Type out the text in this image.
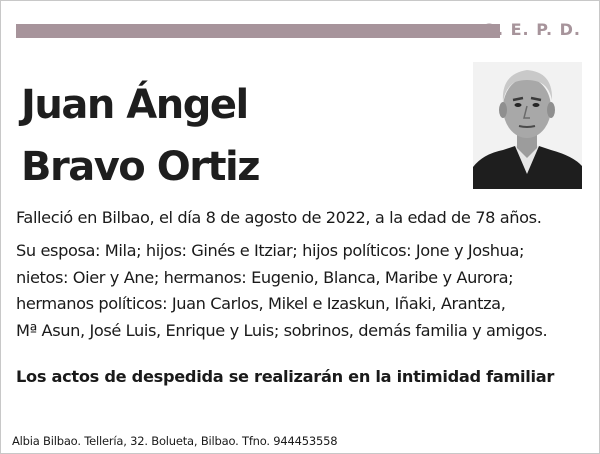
Q. E. P. D.
Juan Ángel
Bravo Ortiz
Falleció en Bilbao, el día 8 de agosto de 2022, a la edad de 78 años.
Su esposa: Mila; hijos: Ginés e Itziar; hijos políticos: Jone y Joshua;
nietos: Oier y Ane; hermanos: Eugenio, Blanca, Maribe y Aurora;
hermanos políticos: Juan Carlos, Mikel e Izaskun, Iñaki, Arantza,
Mª Asun, José Luis, Enrique y Luis; sobrinos, demás familia y amigos.
Los actos de despedida se realizarán en la intimidad familiar
Albia Bilbao. Tellería, 32. Bolueta, Bilbao. Tfno. 944453558
